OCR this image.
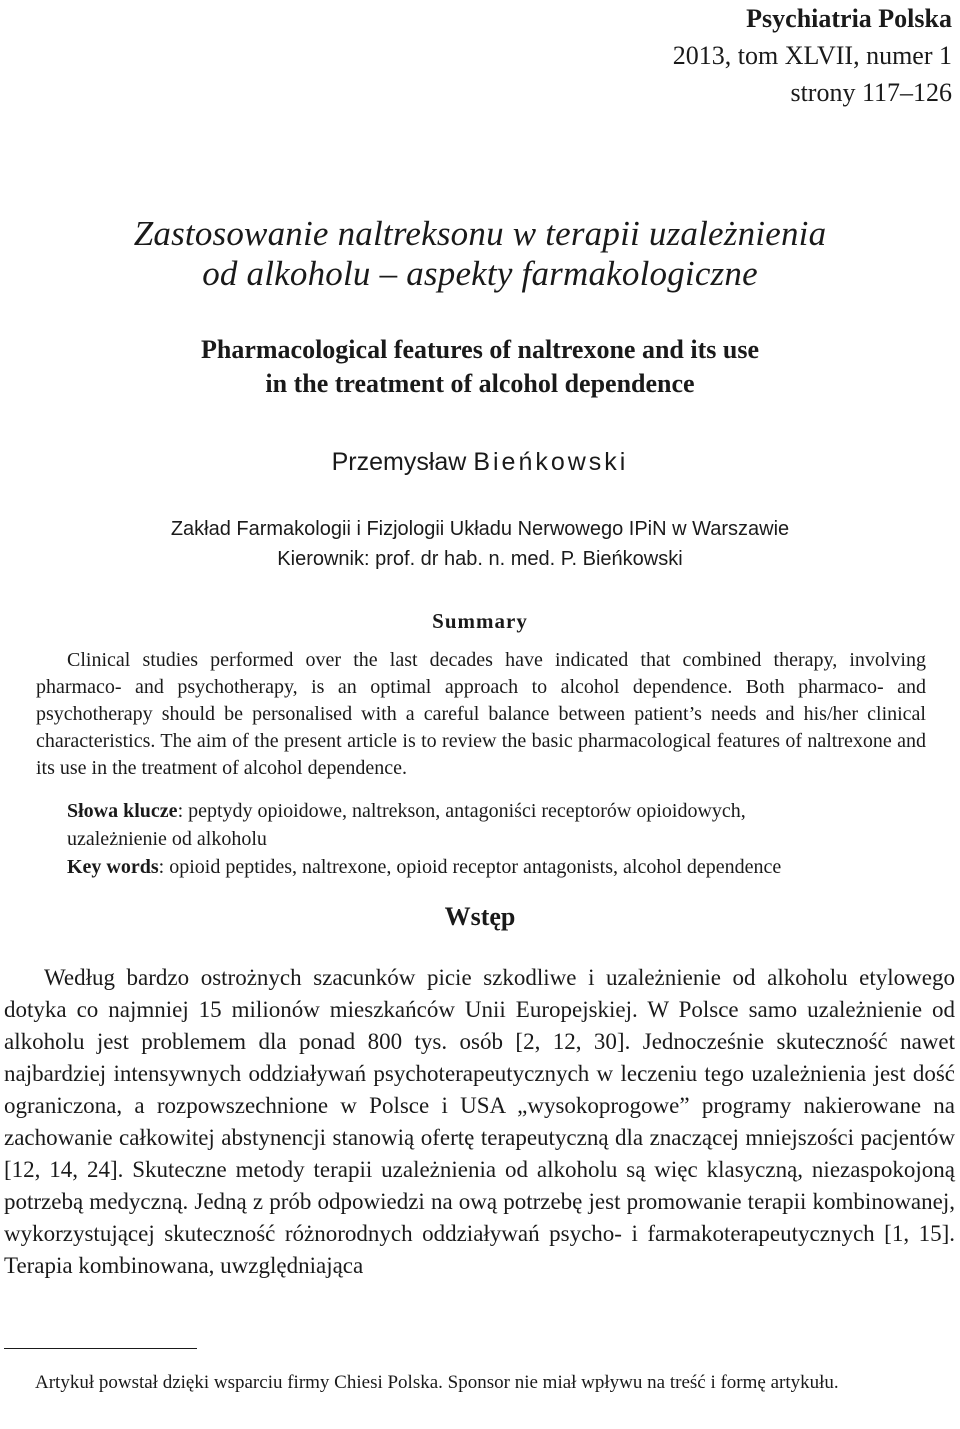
Psychiatria Polska
2013, tom XLVII, numer 1
strony 117–126
Zastosowanie naltreksonu w terapii uzależnienia
od alkoholu – aspekty farmakologiczne
Pharmacological features of naltrexone and its use
in the treatment of alcohol dependence
Przemysław Bieńkowski
Zakład Farmakologii i Fizjologii Układu Nerwowego IPiN w Warszawie
Kierownik: prof. dr hab. n. med. P. Bieńkowski
Summary
Clinical studies performed over the last decades have indicated that combined therapy, involving pharmaco- and psychotherapy, is an optimal approach to alcohol dependence. Both pharmaco- and psychotherapy should be personalised with a careful balance between patient’s needs and his/her clinical characteristics. The aim of the present article is to review the basic pharmacological features of naltrexone and its use in the treatment of alcohol dependence.

Słowa klucze: peptydy opioidowe, naltrekson, antagoniści receptorów opioidowych,

uzależnienie od alkoholu

Key words: opioid peptides, naltrexone, opioid receptor antagonists, alcohol dependence

Wstęp
Według bardzo ostrożnych szacunków picie szkodliwe i uzależnienie od alkoholu etylowego dotyka co najmniej 15 milionów mieszkańców Unii Europejskiej. W Polsce samo uzależnienie od alkoholu jest problemem dla ponad 800 tys. osób [2, 12, 30]. Jednocześnie skuteczność nawet najbardziej intensywnych oddziaływań psychoterapeutycznych w leczeniu tego uzależnienia jest dość ograniczona, a rozpowszechnione w Polsce i USA „wysokoprogowe” programy nakierowane na zachowanie całkowitej abstynencji stanowią ofertę terapeutyczną dla znaczącej mniejszości pacjentów [12, 14, 24]. Skuteczne metody terapii uzależnienia od alkoholu są więc klasyczną, niezaspokojoną potrzebą medyczną. Jedną z prób odpowiedzi na ową potrzebę jest promowanie terapii kombinowanej, wykorzystującej skuteczność różnorodnych oddziaływań psycho- i farmakoterapeutycznych [1, 15]. Terapia kombinowana, uwzględniająca
Artykuł powstał dzięki wsparciu firmy Chiesi Polska. Sponsor nie miał wpływu na treść i formę artykułu.
